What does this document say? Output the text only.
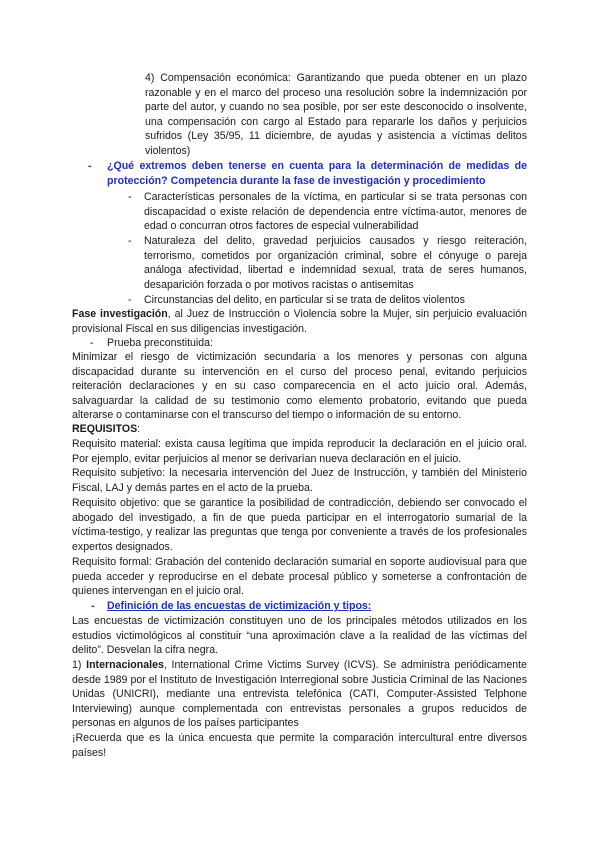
4) Compensación económica: Garantizando que pueda obtener en un plazo razonable y en el marco del proceso una resolución sobre la indemnización por parte del autor, y cuando no sea posible, por ser este desconocido o insolvente, una compensación con cargo al Estado para repararle los daños y perjuicios sufridos (Ley 35/95, 11 diciembre, de ayudas y asistencia a víctimas delitos violentos)

- ¿Qué extremos deben tenerse en cuenta para la determinación de medidas de protección? Competencia durante la fase de investigación y procedimiento

- Características personales de la víctima, en particular si se trata personas con discapacidad o existe relación de dependencia entre víctima-autor, menores de edad o concurran otros factores de especial vulnerabilidad

- Naturaleza del delito, gravedad perjuicios causados y riesgo reiteración, terrorismo, cometidos por organización criminal, sobre el cónyuge o pareja análoga afectividad, libertad e indemnidad sexual, trata de seres humanos, desaparición forzada o por motivos racistas o antisemitas

- Circunstancias del delito, en particular si se trata de delitos violentos

Fase investigación, al Juez de Instrucción o Violencia sobre la Mujer, sin perjuicio evaluación provisional Fiscal en sus diligencias investigación.

- Prueba preconstituida:

Minimizar el riesgo de victimización secundaria a los menores y personas con alguna discapacidad durante su intervención en el curso del proceso penal, evitando perjuicios reiteración declaraciones y en su caso comparecencia en el acto juicio oral. Además, salvaguardar la calidad de su testimonio como elemento probatorio, evitando que pueda alterarse o contaminarse con el transcurso del tiempo o información de su entorno.

REQUISITOS:

Requisito material: exista causa legítima que impida reproducir la declaración en el juicio oral. Por ejemplo, evitar perjuicios al menor se derivarían nueva declaración en el juicio.

Requisito subjetivo: la necesaria intervención del Juez de Instrucción, y también del Ministerio Fiscal, LAJ y demás partes en el acto de la prueba.

Requisito objetivo: que se garantice la posibilidad de contradicción, debiendo ser convocado el abogado del investigado, a fin de que pueda participar en el interrogatorio sumarial de la víctima-testigo, y realizar las preguntas que tenga por conveniente a través de los profesionales expertos designados.

Requisito formal: Grabación del contenido declaración sumarial en soporte audiovisual para que pueda acceder y reproducirse en el debate procesal público y someterse a confrontación de quienes intervengan en el juicio oral.

- Definición de las encuestas de victimización y tipos:

Las encuestas de victimización constituyen uno de los principales métodos utilizados en los estudios victimológicos al constituir “una aproximación clave a la realidad de las víctimas del delito”. Desvelan la cifra negra.

1) Internacionales, International Crime Victims Survey (ICVS). Se administra periódicamente desde 1989 por el Instituto de Investigación Interregional sobre Justicia Criminal de las Naciones Unidas (UNICRI), mediante una entrevista telefónica (CATI, Computer-Assisted Telphone Interviewing) aunque complementada con entrevistas personales a grupos reducidos de personas en algunos de los países participantes

¡Recuerda que es la única encuesta que permite la comparación intercultural entre diversos países!
